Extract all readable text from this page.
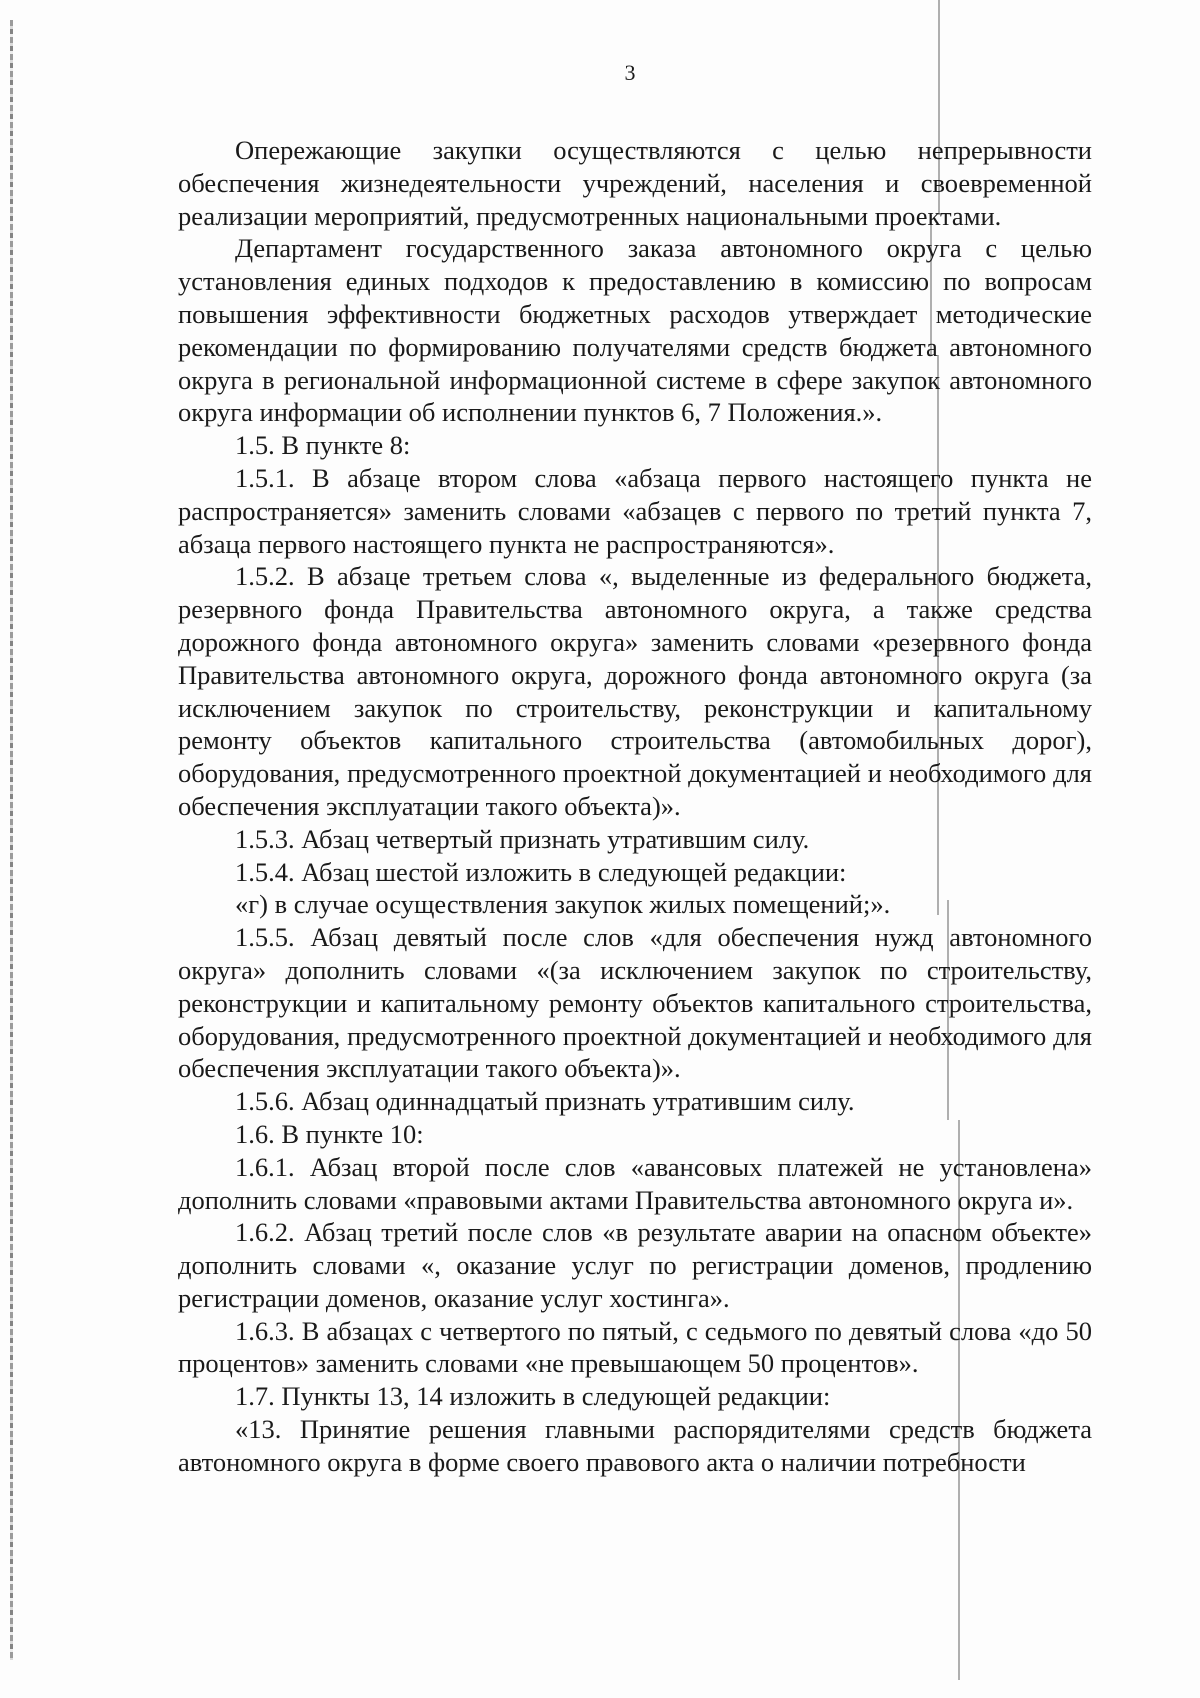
3

Опережающие закупки осуществляются с целью непрерывности обеспечения жизнедеятельности учреждений, населения и своевременной реализации мероприятий, предусмотренных национальными проектами.

Департамент государственного заказа автономного округа с целью установления единых подходов к предоставлению в комиссию по вопросам повышения эффективности бюджетных расходов утверждает методические рекомендации по формированию получателями средств бюджета автономного округа в региональной информационной системе в сфере закупок автономного округа информации об исполнении пунктов 6, 7 Положения.».

1.5. В пункте 8:

1.5.1. В абзаце втором слова «абзаца первого настоящего пункта не распространяется» заменить словами «абзацев с первого по третий пункта 7, абзаца первого настоящего пункта не распространяются».

1.5.2. В абзаце третьем слова «, выделенные из федерального бюджета, резервного фонда Правительства автономного округа, а также средства дорожного фонда автономного округа» заменить словами «резервного фонда Правительства автономного округа, дорожного фонда автономного округа (за исключением закупок по строительству, реконструкции и капитальному ремонту объектов капитального строительства (автомобильных дорог), оборудования, предусмотренного проектной документацией и необходимого для обеспечения эксплуатации такого объекта)».

1.5.3. Абзац четвертый признать утратившим силу.

1.5.4. Абзац шестой изложить в следующей редакции:

«г) в случае осуществления закупок жилых помещений;».

1.5.5. Абзац девятый после слов «для обеспечения нужд автономного округа» дополнить словами «(за исключением закупок по строительству, реконструкции и капитальному ремонту объектов капитального строительства, оборудования, предусмотренного проектной документацией и необходимого для обеспечения эксплуатации такого объекта)».

1.5.6. Абзац одиннадцатый признать утратившим силу.

1.6. В пункте 10:

1.6.1. Абзац второй после слов «авансовых платежей не установлена» дополнить словами «правовыми актами Правительства автономного округа и».

1.6.2. Абзац третий после слов «в результате аварии на опасном объекте» дополнить словами «, оказание услуг по регистрации доменов, продлению регистрации доменов, оказание услуг хостинга».

1.6.3. В абзацах с четвертого по пятый, с седьмого по девятый слова «до 50 процентов» заменить словами «не превышающем 50 процентов».

1.7. Пункты 13, 14 изложить в следующей редакции:

«13. Принятие решения главными распорядителями средств бюджета автономного округа в форме своего правового акта о наличии потребности
